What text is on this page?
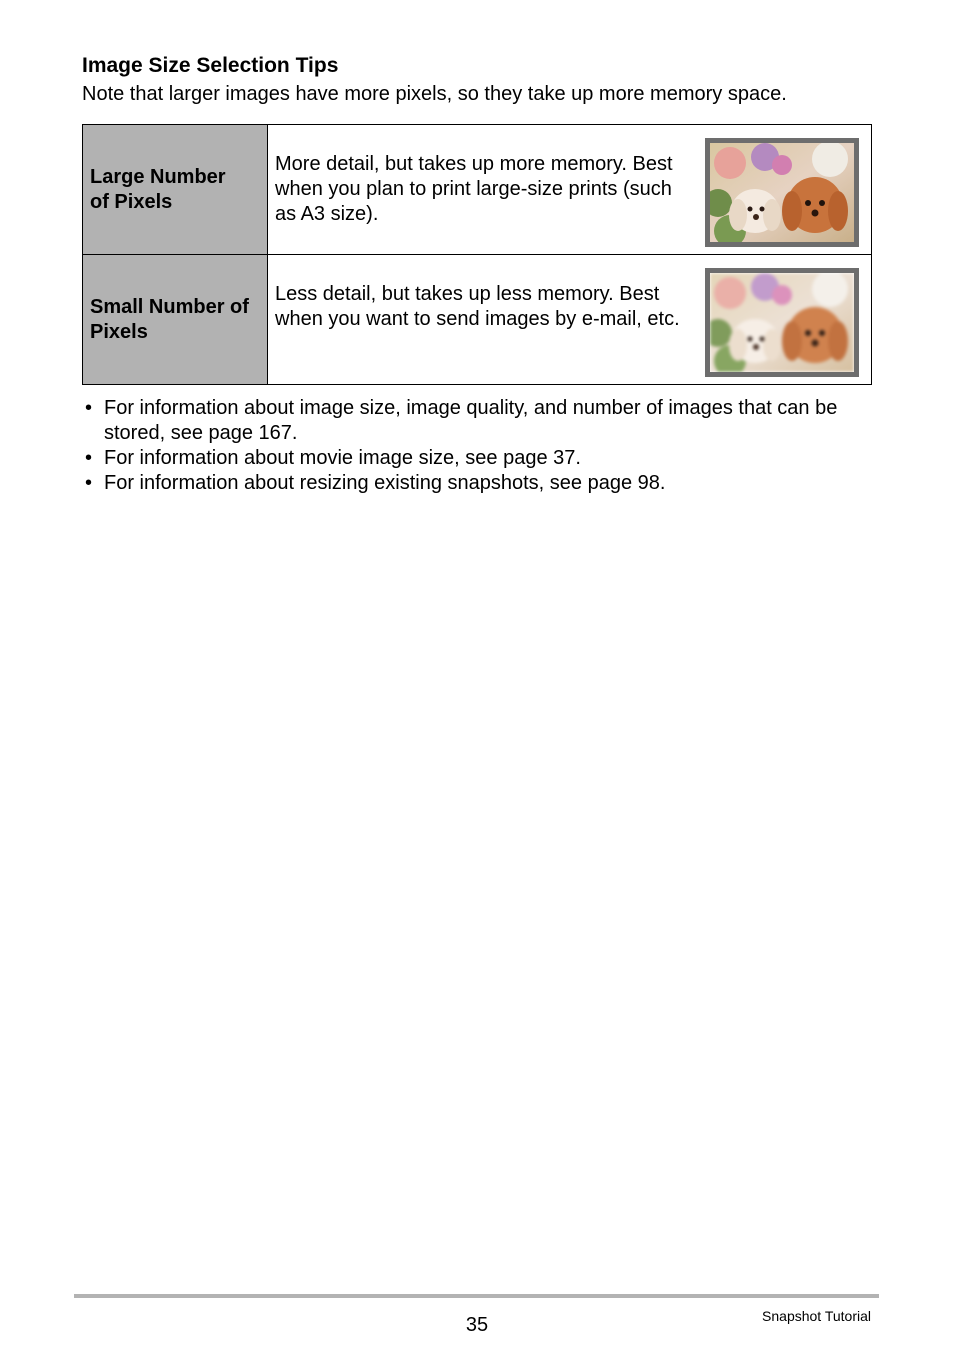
Image Size Selection Tips

Note that larger images have more pixels, so they take up more memory space.

Large Number of Pixels	More detail, but takes up more memory. Best when you plan to print large-size prints (such as A3 size).

Small Number of Pixels	Less detail, but takes up less memory. Best when you want to send images by e-mail, etc.
• For information about image size, image quality, and number of images that can be stored, see page 167.
• For information about movie image size, see page 37.
• For information about resizing existing snapshots, see page 98.
35	Snapshot Tutorial
